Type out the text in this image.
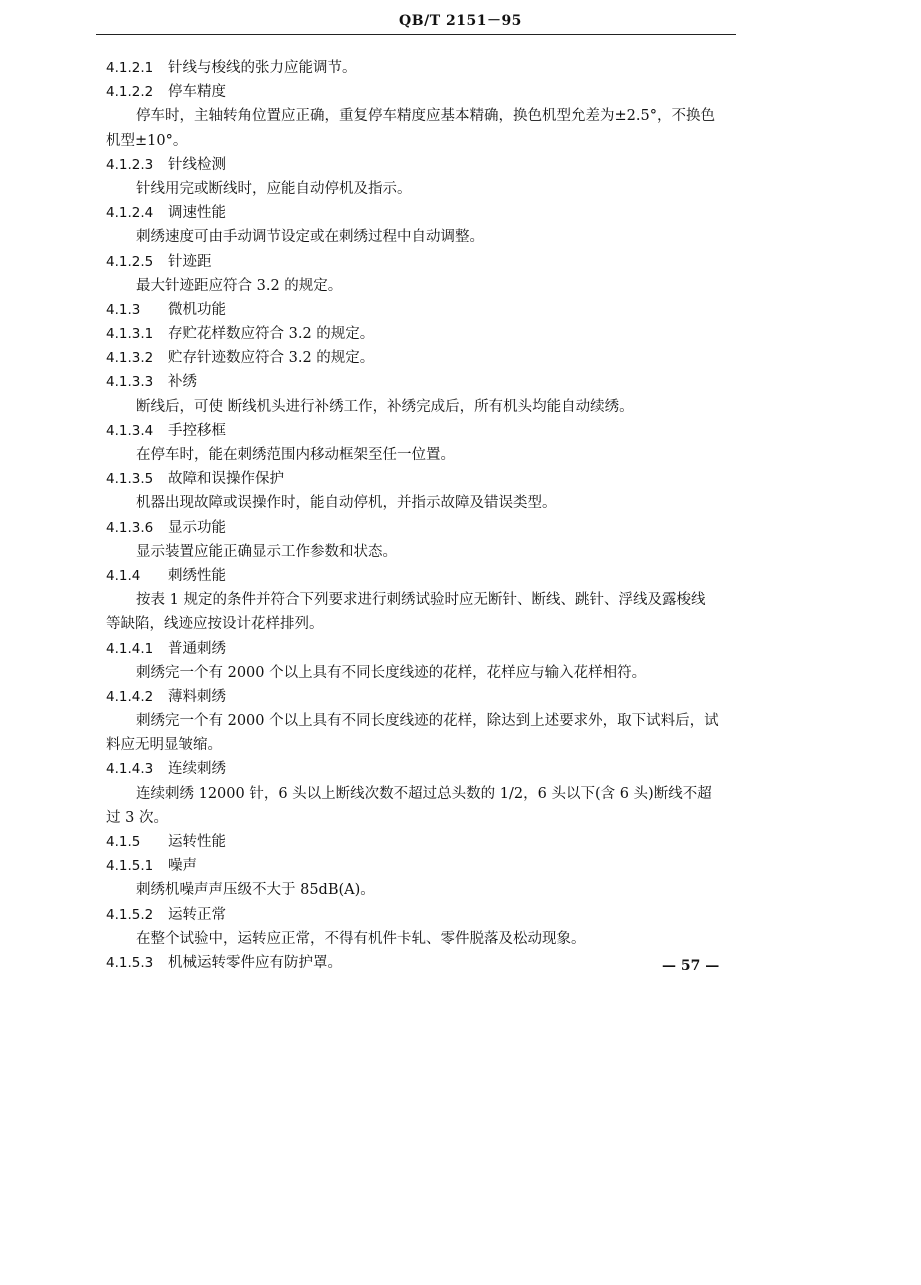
QB/T 2151－95
4.1.2.1 针线与梭线的张力应能调节。
4.1.2.2 停车精度
停车时，主轴转角位置应正确，重复停车精度应基本精确，换色机型允差为±2.5°，不换色
机型±10°。
4.1.2.3 针线检测
针线用完或断线时，应能自动停机及指示。
4.1.2.4 调速性能
刺绣速度可由手动调节设定或在刺绣过程中自动调整。
4.1.2.5 针迹距
最大针迹距应符合 3.2 的规定。
4.1.3 微机功能
4.1.3.1 存贮花样数应符合 3.2 的规定。
4.1.3.2 贮存针迹数应符合 3.2 的规定。
4.1.3.3 补绣
断线后，可使 断线机头进行补绣工作，补绣完成后，所有机头均能自动续绣。
4.1.3.4 手控移框
在停车时，能在刺绣范围内移动框架至任一位置。
4.1.3.5 故障和误操作保护
机器出现故障或误操作时，能自动停机，并指示故障及错误类型。
4.1.3.6 显示功能
显示装置应能正确显示工作参数和状态。
4.1.4 刺绣性能
按表 1 规定的条件并符合下列要求进行刺绣试验时应无断针、断线、跳针、浮线及露梭线
等缺陷，线迹应按设计花样排列。
4.1.4.1 普通刺绣
刺绣完一个有 2000 个以上具有不同长度线迹的花样，花样应与输入花样相符。
4.1.4.2 薄料刺绣
刺绣完一个有 2000 个以上具有不同长度线迹的花样，除达到上述要求外，取下试料后，试
料应无明显皱缩。
4.1.4.3 连续刺绣
连续刺绣 12000 针，6 头以上断线次数不超过总头数的 1/2，6 头以下(含 6 头)断线不超
过 3 次。
4.1.5 运转性能
4.1.5.1 噪声
刺绣机噪声声压级不大于 85dB(A)。
4.1.5.2 运转正常
在整个试验中，运转应正常，不得有机件卡轧、零件脱落及松动现象。
4.1.5.3 机械运转零件应有防护罩。	— 57 —
